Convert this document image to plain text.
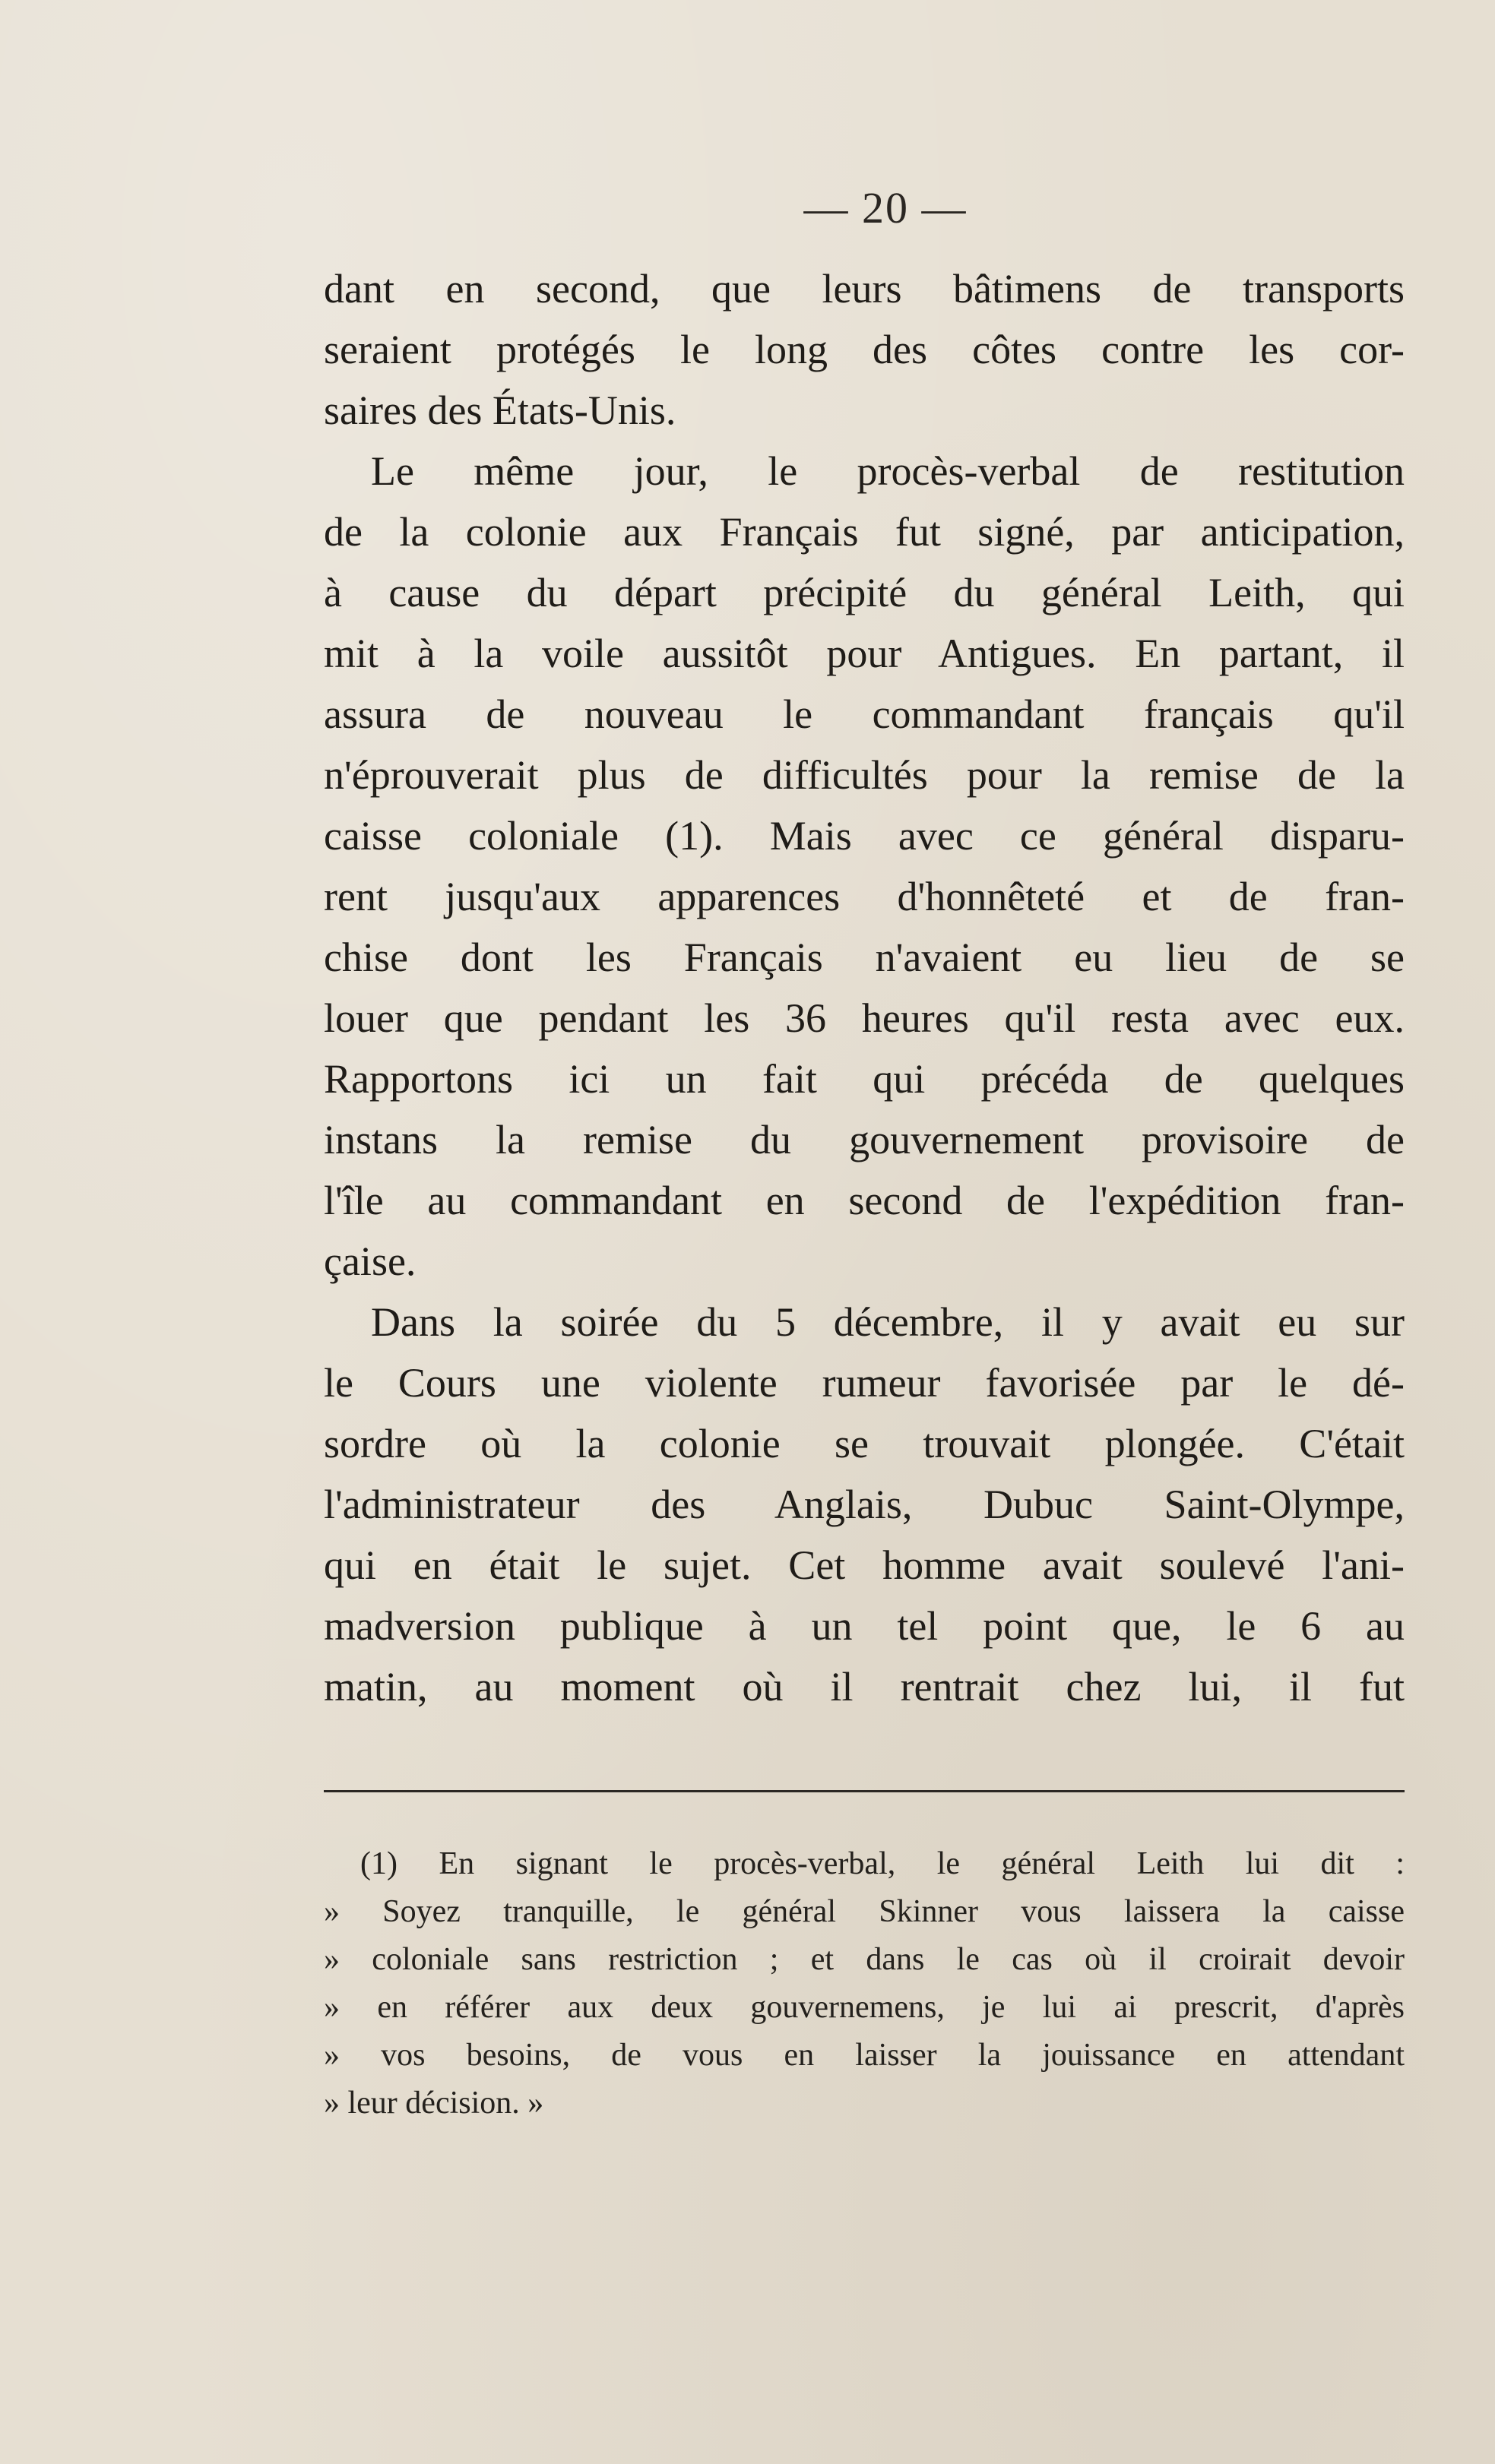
— 20 —
dant en second, que leurs bâtimens de transports
seraient protégés le long des côtes contre les cor-
saires des États-Unis.
Le même jour, le procès-verbal de restitution
de la colonie aux Français fut signé, par anticipation,
à cause du départ précipité du général Leith, qui
mit à la voile aussitôt pour Antigues. En partant, il
assura de nouveau le commandant français qu'il
n'éprouverait plus de difficultés pour la remise de la
caisse coloniale (1). Mais avec ce général disparu-
rent jusqu'aux apparences d'honnêteté et de fran-
chise dont les Français n'avaient eu lieu de se
louer que pendant les 36 heures qu'il resta avec eux.
Rapportons ici un fait qui précéda de quelques
instans la remise du gouvernement provisoire de
l'île au commandant en second de l'expédition fran-
çaise.
Dans la soirée du 5 décembre, il y avait eu sur
le Cours une violente rumeur favorisée par le dé-
sordre où la colonie se trouvait plongée. C'était
l'administrateur des Anglais, Dubuc Saint-Olympe,
qui en était le sujet. Cet homme avait soulevé l'ani-
madversion publique à un tel point que, le 6 au
matin, au moment où il rentrait chez lui, il fut
(1) En signant le procès-verbal, le général Leith lui dit :
» Soyez tranquille, le général Skinner vous laissera la caisse
» coloniale sans restriction ; et dans le cas où il croirait devoir
» en référer aux deux gouvernemens, je lui ai prescrit, d'après
» vos besoins, de vous en laisser la jouissance en attendant
» leur décision. »
